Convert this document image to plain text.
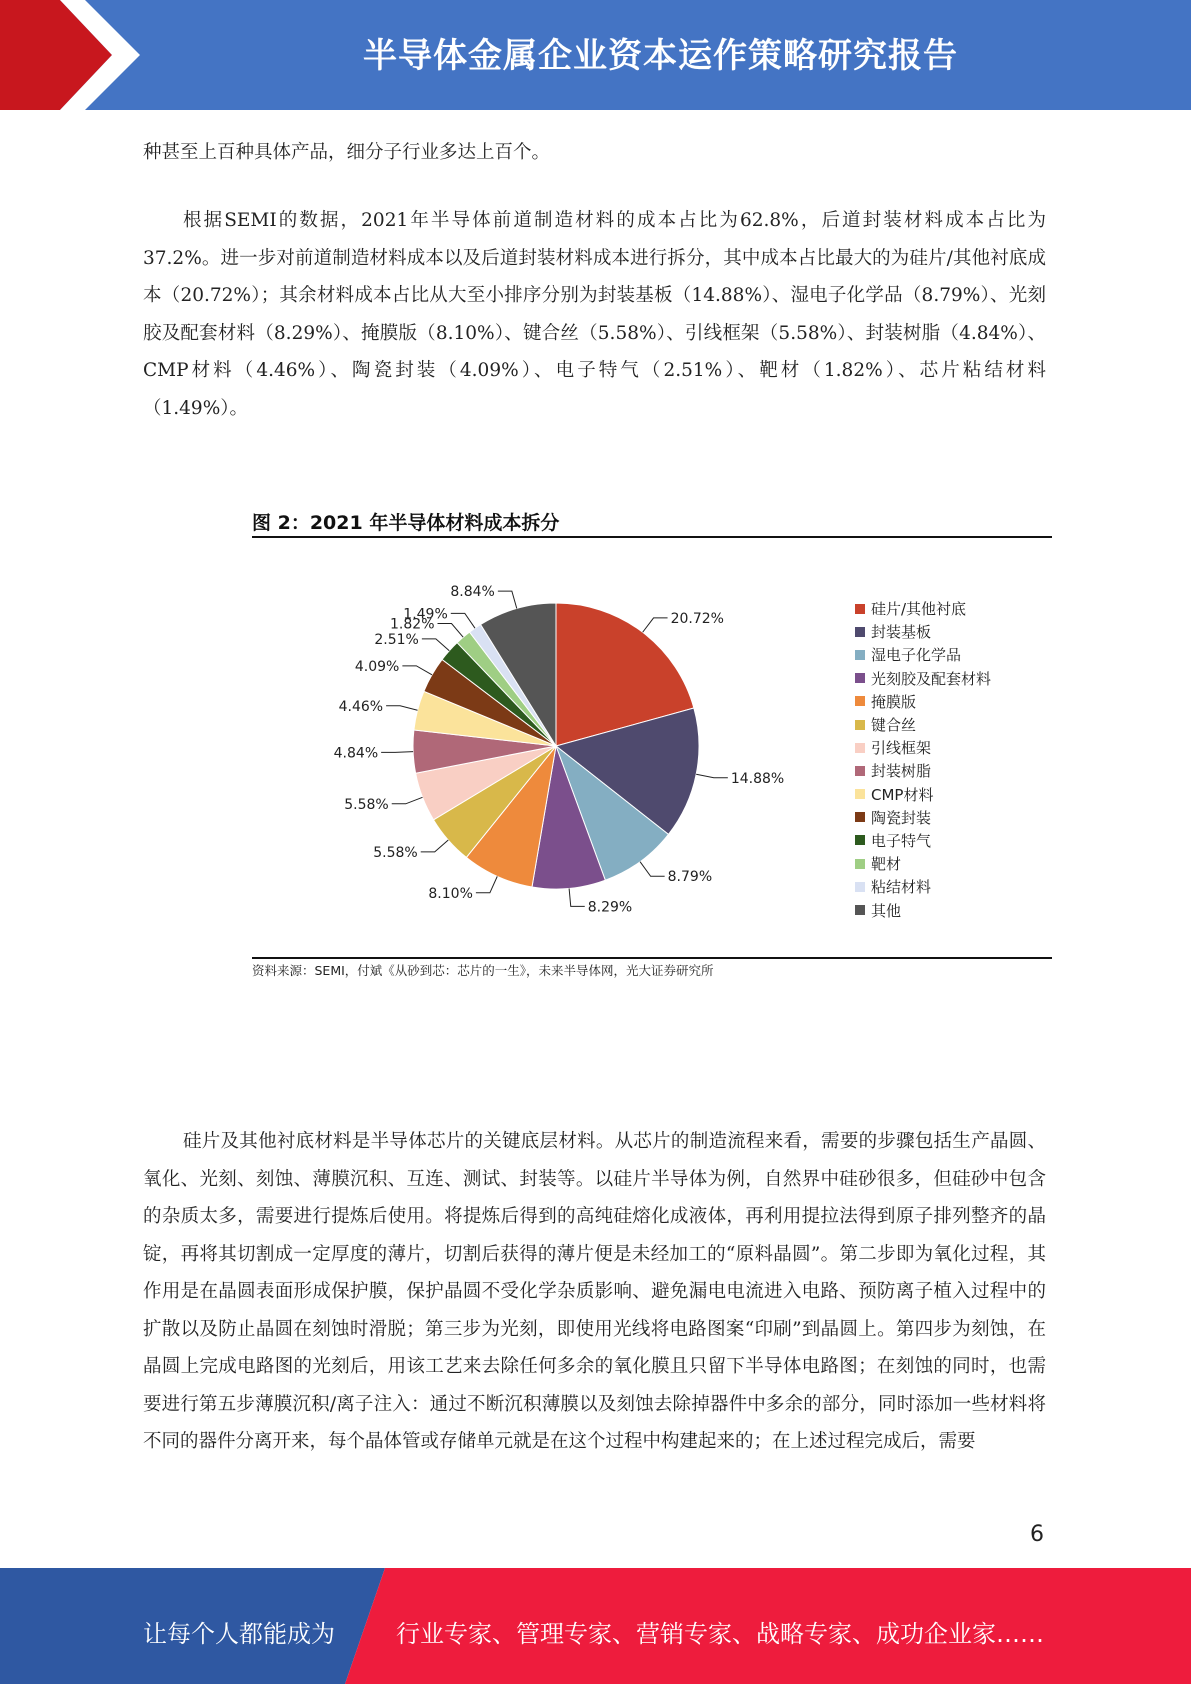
半导体金属企业资本运作策略研究报告
种甚至上百种具体产品，细分子行业多达上百个。
根据SEMI的数据，2021年半导体前道制造材料的成本占比为62.8%，后道封装材料成本占比为37.2%。进一步对前道制造材料成本以及后道封装材料成本进行拆分，其中成本占比最大的为硅片/其他衬底成本（20.72%）；其余材料成本占比从大至小排序分别为封装基板（14.88%）、湿电子化学品（8.79%）、光刻胶及配套材料（8.29%）、掩膜版（8.10%）、键合丝（5.58%）、引线框架（5.58%）、封装树脂（4.84%）、CMP材料（4.46%）、陶瓷封装（4.09%）、电子特气（2.51%）、靶材（1.82%）、芯片粘结材料（1.49%）。
图 2：2021 年半导体材料成本拆分
20.72%
14.88%
8.79%
8.29%
8.10%
5.58%
5.58%
4.84%
4.46%
4.09%
2.51%
1.82%
1.49%
8.84%
硅片/其他衬底
封装基板
湿电子化学品
光刻胶及配套材料
掩膜版
键合丝
引线框架
封装树脂
CMP材料
陶瓷封装
电子特气
靶材
粘结材料
其他
资料来源：SEMI，付斌《从砂到芯：芯片的一生》，未来半导体网，光大证券研究所
硅片及其他衬底材料是半导体芯片的关键底层材料。从芯片的制造流程来看，需要的步骤包括生产晶圆、氧化、光刻、刻蚀、薄膜沉积、互连、测试、封装等。以硅片半导体为例，自然界中硅砂很多，但硅砂中包含的杂质太多，需要进行提炼后使用。将提炼后得到的高纯硅熔化成液体，再利用提拉法得到原子排列整齐的晶锭，再将其切割成一定厚度的薄片，切割后获得的薄片便是未经加工的“原料晶圆”。第二步即为氧化过程，其作用是在晶圆表面形成保护膜，保护晶圆不受化学杂质影响、避免漏电电流进入电路、预防离子植入过程中的扩散以及防止晶圆在刻蚀时滑脱；第三步为光刻，即使用光线将电路图案“印刷”到晶圆上。第四步为刻蚀，在晶圆上完成电路图的光刻后，用该工艺来去除任何多余的氧化膜且只留下半导体电路图；在刻蚀的同时，也需要进行第五步薄膜沉积/离子注入：通过不断沉积薄膜以及刻蚀去除掉器件中多余的部分，同时添加一些材料将不同的器件分离开来，每个晶体管或存储单元就是在这个过程中构建起来的；在上述过程完成后，需要
6
让每个人都能成为	行业专家、管理专家、营销专家、战略专家、成功企业家……
